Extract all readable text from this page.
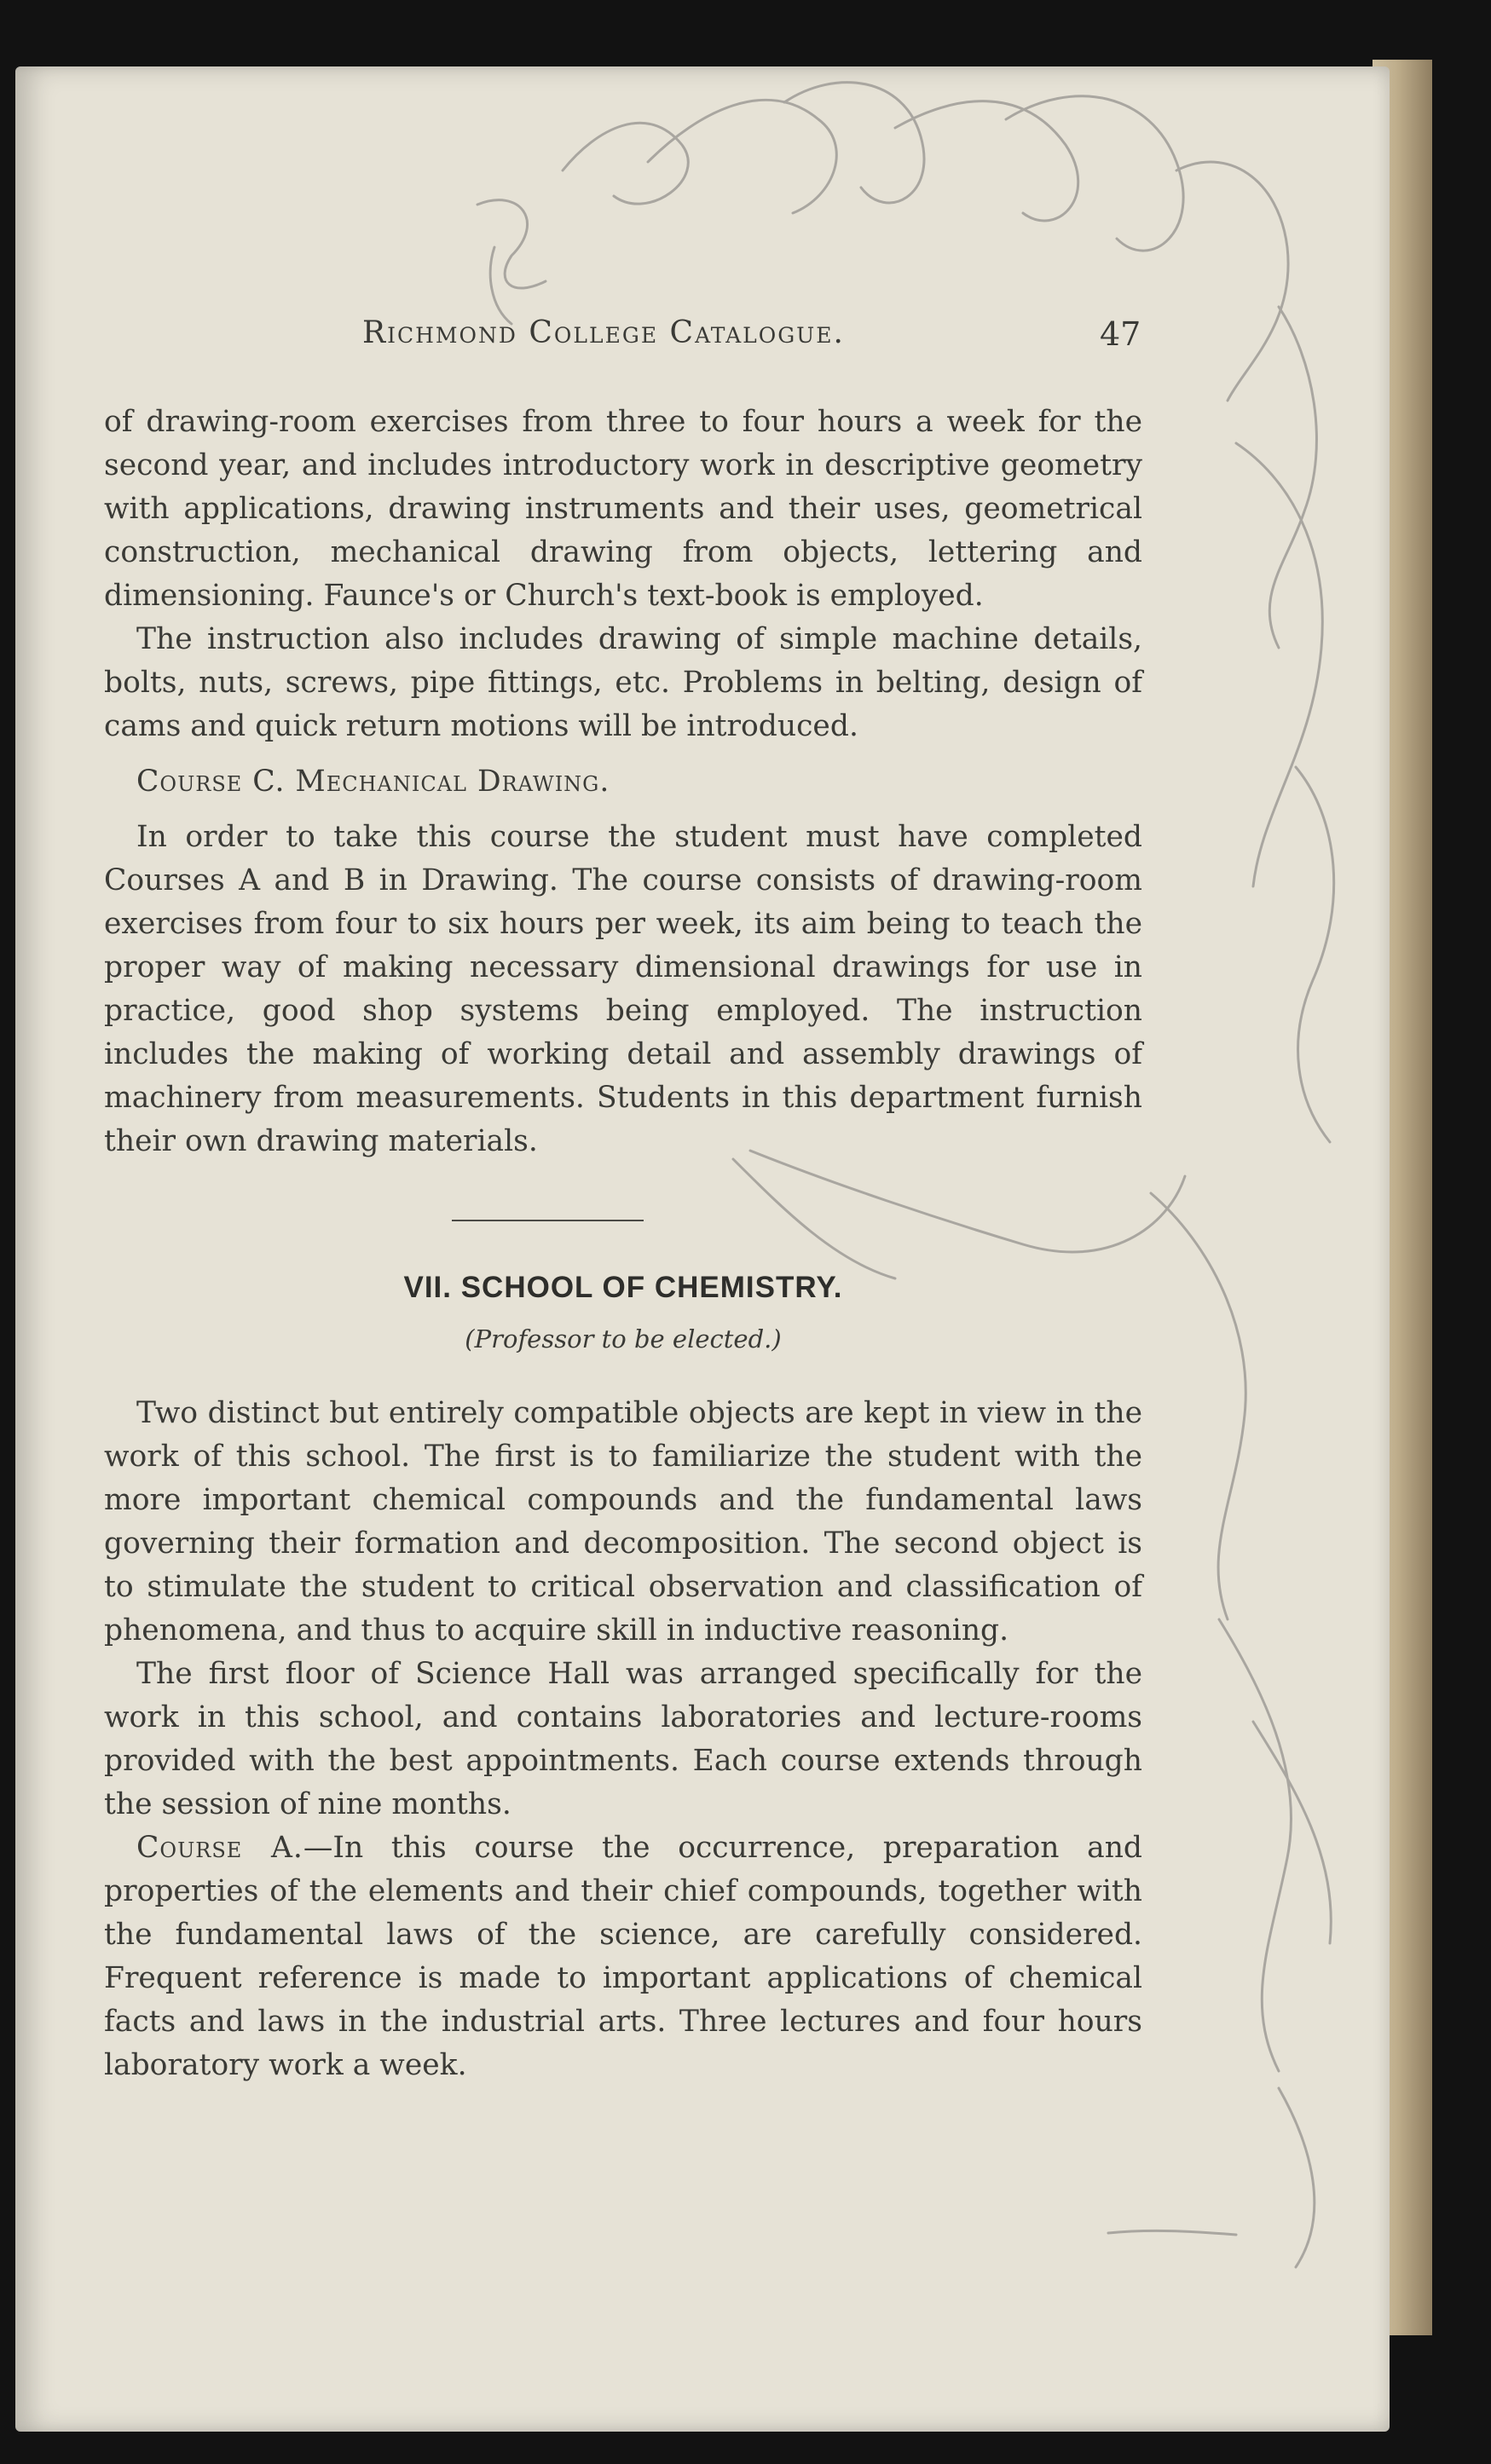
Richmond College Catalogue.	47

of drawing-room exercises from three to four hours a week for the second year, and includes introductory work in descriptive geometry with applications, drawing instruments and their uses, geometrical construction, mechanical drawing from objects, lettering and dimensioning. Faunce's or Church's text-book is employed.

The instruction also includes drawing of simple machine details, bolts, nuts, screws, pipe fittings, etc. Problems in belting, design of cams and quick return motions will be introduced.

Course C. Mechanical Drawing.

In order to take this course the student must have completed Courses A and B in Drawing. The course consists of drawing-room exercises from four to six hours per week, its aim being to teach the proper way of making necessary dimensional drawings for use in practice, good shop systems being employed. The instruction includes the making of working detail and assembly drawings of machinery from measurements. Students in this department furnish their own drawing materials.

VII. SCHOOL OF CHEMISTRY.
(Professor to be elected.)

Two distinct but entirely compatible objects are kept in view in the work of this school. The first is to familiarize the student with the more important chemical compounds and the fundamental laws governing their formation and decomposition. The second object is to stimulate the student to critical observation and classification of phenomena, and thus to acquire skill in inductive reasoning.

The first floor of Science Hall was arranged specifically for the work in this school, and contains laboratories and lecture-rooms provided with the best appointments. Each course extends through the session of nine months.

Course A.—In this course the occurrence, preparation and properties of the elements and their chief compounds, together with the fundamental laws of the science, are carefully considered. Frequent reference is made to important applications of chemical facts and laws in the industrial arts. Three lectures and four hours laboratory work a week.
